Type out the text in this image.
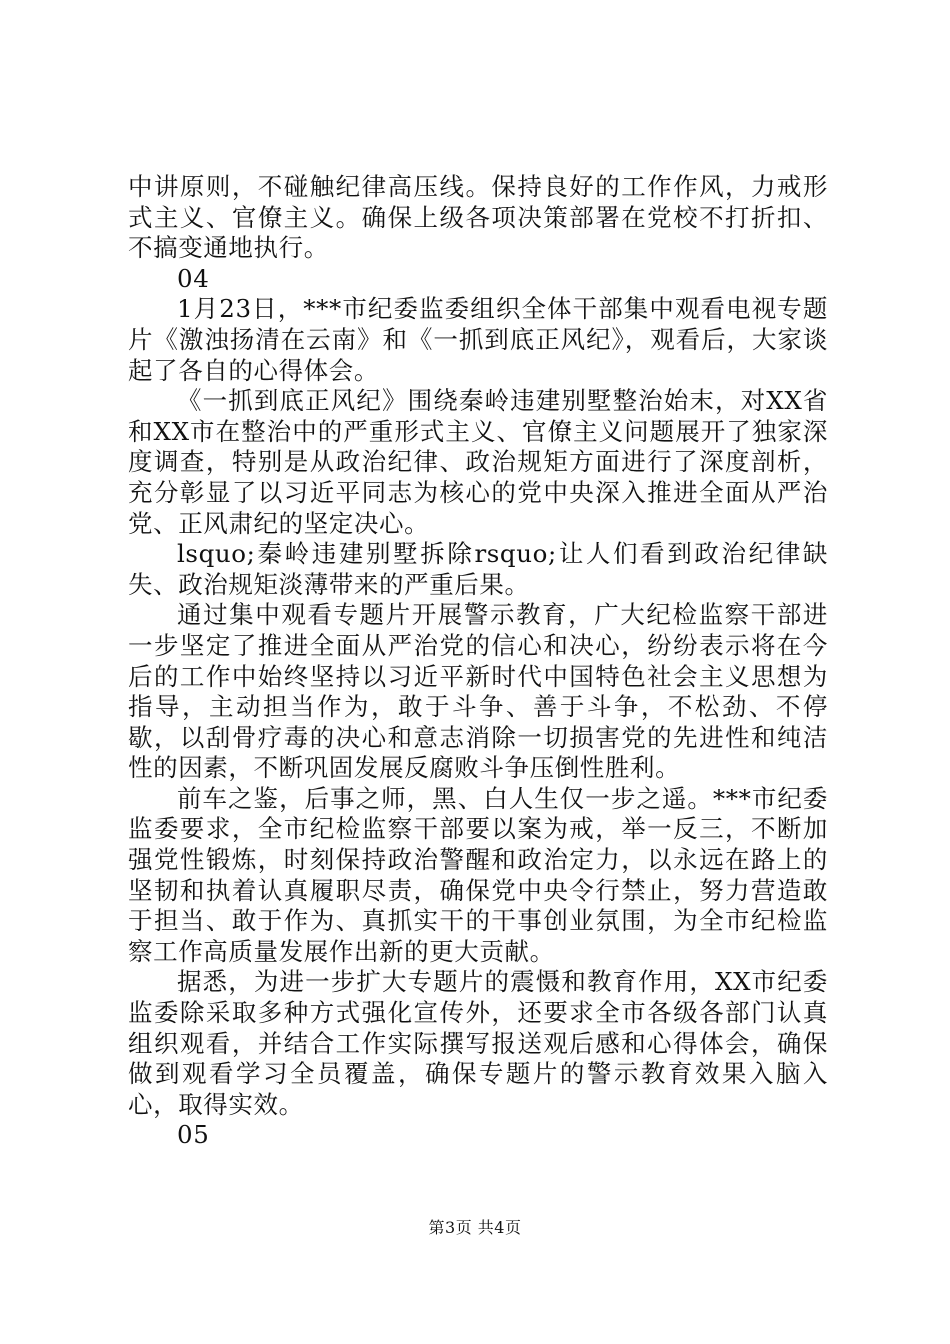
中讲原则，不碰触纪律高压线。保持良好的工作作风，力戒形式主义、官僚主义。确保上级各项决策部署在党校不打折扣、不搞变通地执行。

04

1月23日，***市纪委监委组织全体干部集中观看电视专题片《激浊扬清在云南》和《一抓到底正风纪》，观看后，大家谈起了各自的心得体会。

《一抓到底正风纪》围绕秦岭违建别墅整治始末，对XX省和XX市在整治中的严重形式主义、官僚主义问题展开了独家深度调查，特别是从政治纪律、政治规矩方面进行了深度剖析，充分彰显了以习近平同志为核心的党中央深入推进全面从严治党、正风肃纪的坚定决心。

lsquo;秦岭违建别墅拆除rsquo;让人们看到政治纪律缺失、政治规矩淡薄带来的严重后果。

通过集中观看专题片开展警示教育，广大纪检监察干部进一步坚定了推进全面从严治党的信心和决心，纷纷表示将在今后的工作中始终坚持以习近平新时代中国特色社会主义思想为指导，主动担当作为，敢于斗争、善于斗争，不松劲、不停歇，以刮骨疗毒的决心和意志消除一切损害党的先进性和纯洁性的因素，不断巩固发展反腐败斗争压倒性胜利。

前车之鉴，后事之师，黑、白人生仅一步之遥。***市纪委监委要求，全市纪检监察干部要以案为戒，举一反三，不断加强党性锻炼，时刻保持政治警醒和政治定力，以永远在路上的坚韧和执着认真履职尽责，确保党中央令行禁止，努力营造敢于担当、敢于作为、真抓实干的干事创业氛围，为全市纪检监察工作高质量发展作出新的更大贡献。

据悉，为进一步扩大专题片的震慑和教育作用，XX市纪委监委除采取多种方式强化宣传外，还要求全市各级各部门认真组织观看，并结合工作实际撰写报送观后感和心得体会，确保做到观看学习全员覆盖，确保专题片的警示教育效果入脑入心，取得实效。

05

第3页 共4页
